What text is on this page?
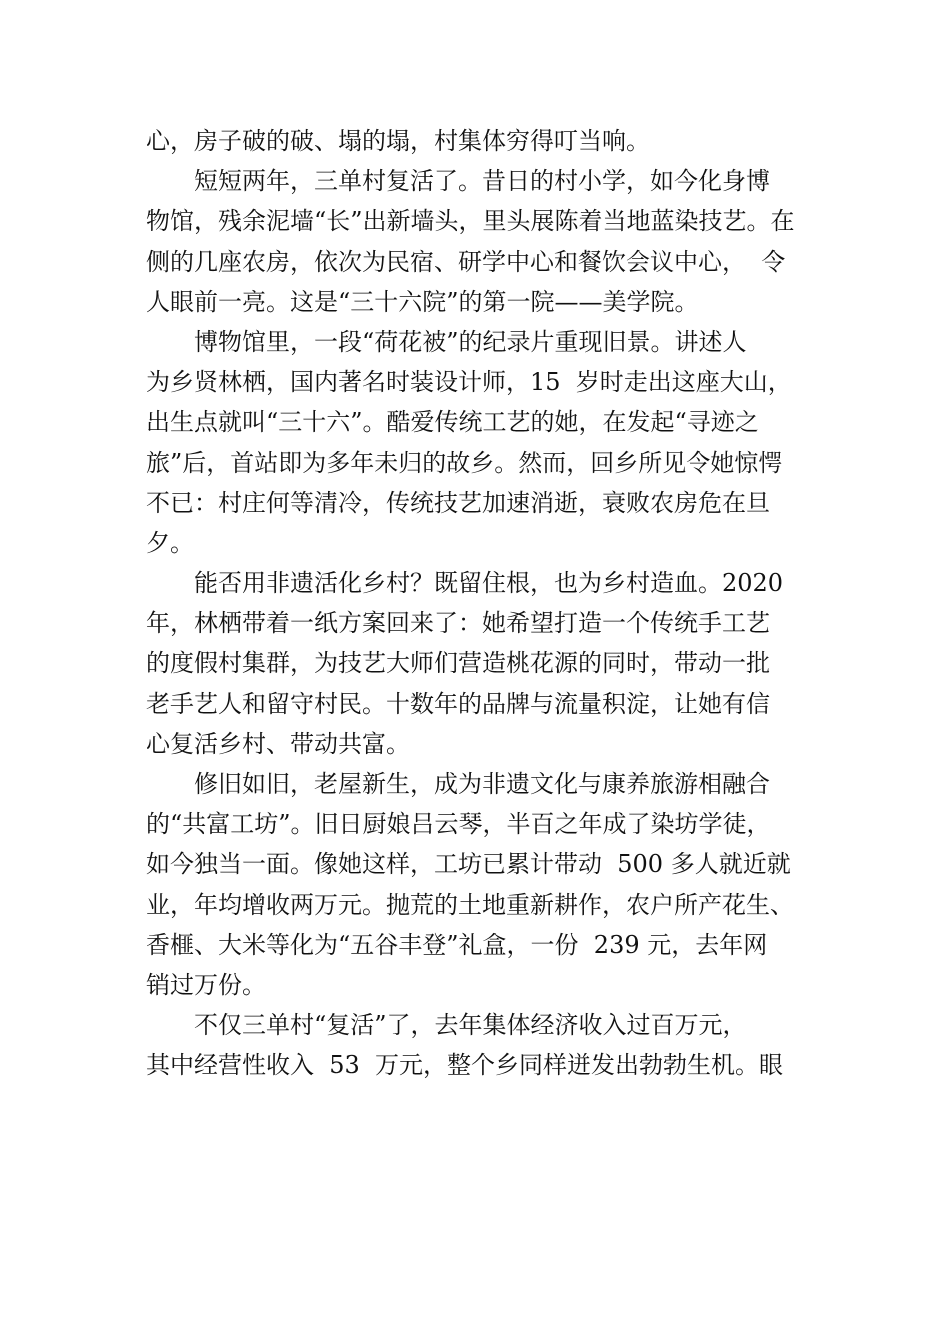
心，房子破的破、塌的塌，村集体穷得叮当响。
短短两年，三单村复活了。昔日的村小学，如今化身博
物馆，残余泥墙“长”出新墙头，里头展陈着当地蓝染技艺。在
侧的几座农房，依次为民宿、研学中心和餐饮会议中心，  令
人眼前一亮。这是“三十六院”的第一院——美学院。
博物馆里，一段“荷花被”的纪录片重现旧景。讲述人
为乡贤林栖，国内著名时装设计师，15  岁时走出这座大山，
出生点就叫“三十六”。酷爱传统工艺的她，在发起“寻迹之
旅”后，首站即为多年未归的故乡。然而，回乡所见令她惊愕
不已：村庄何等清冷，传统技艺加速消逝，衰败农房危在旦
夕。
能否用非遗活化乡村？既留住根，也为乡村造血。2020
年，林栖带着一纸方案回来了：她希望打造一个传统手工艺
的度假村集群，为技艺大师们营造桃花源的同时，带动一批
老手艺人和留守村民。十数年的品牌与流量积淀，让她有信
心复活乡村、带动共富。
修旧如旧，老屋新生，成为非遗文化与康养旅游相融合
的“共富工坊”。旧日厨娘吕云琴，半百之年成了染坊学徒，
如今独当一面。像她这样，工坊已累计带动  500 多人就近就
业，年均增收两万元。抛荒的土地重新耕作，农户所产花生、
香榧、大米等化为“五谷丰登”礼盒，一份  239 元，去年网
销过万份。
不仅三单村“复活”了，去年集体经济收入过百万元，
其中经营性收入  53  万元，整个乡同样迸发出勃勃生机。眼
